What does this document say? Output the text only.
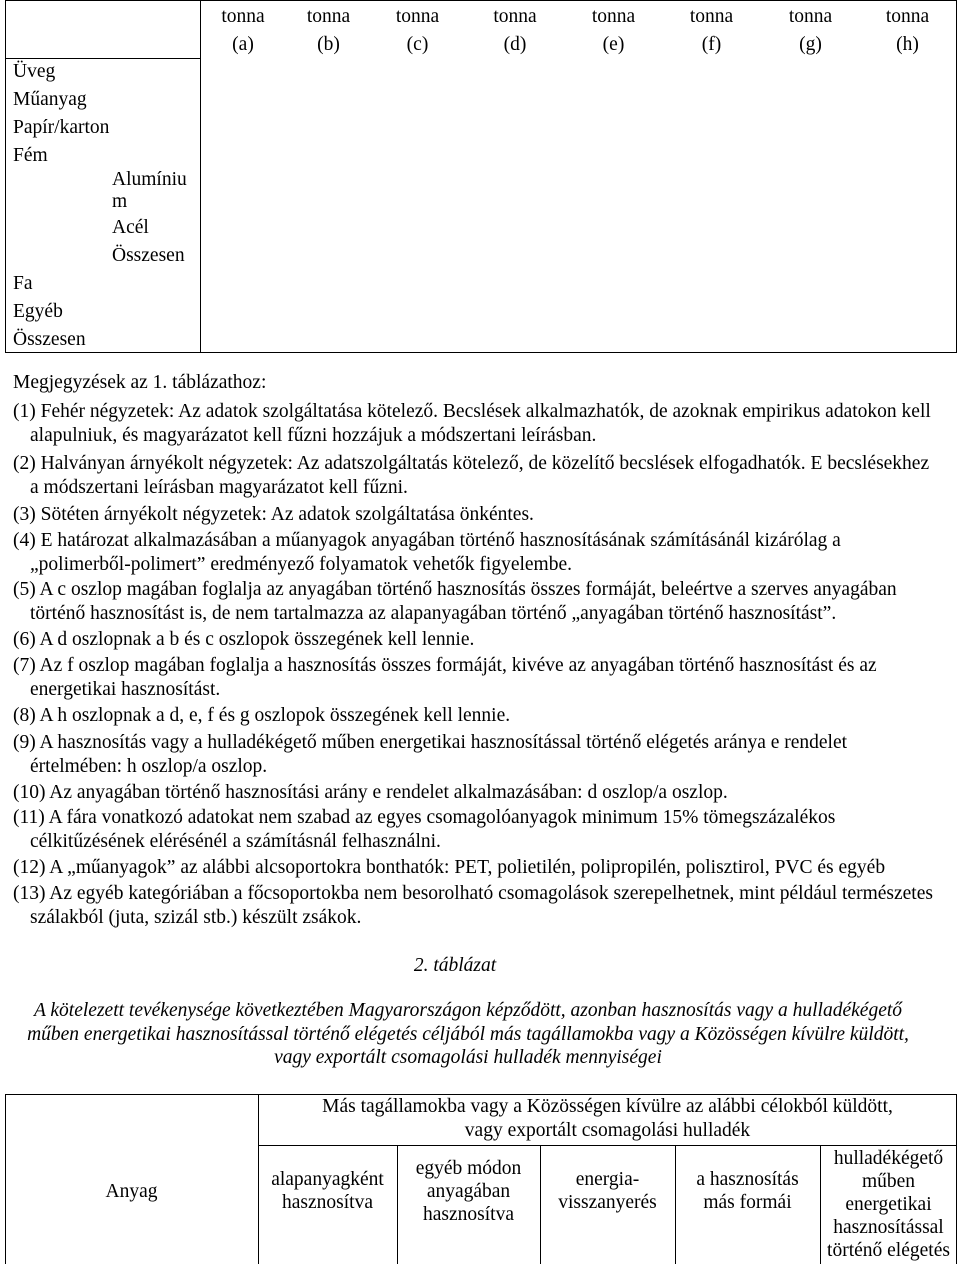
tonna
(a)
tonna
(b)
tonna
(c)
tonna
(d)
tonna
(e)
tonna
(f)
tonna
(g)
tonna
(h)
Üveg
Műanyag
Papír/karton
Fém
Alumíniu
m
Acél
Összesen
Fa
Egyéb
Összesen
Megjegyzések az 1. táblázathoz:
(1) Fehér négyzetek: Az adatok szolgáltatása kötelező. Becslések alkalmazhatók, de azoknak empirikus adatokon kell
alapulniuk, és magyarázatot kell fűzni hozzájuk a módszertani leírásban.
(2) Halványan árnyékolt négyzetek: Az adatszolgáltatás kötelező, de közelítő becslések elfogadhatók. E becslésekhez
a módszertani leírásban magyarázatot kell fűzni.
(3) Sötéten árnyékolt négyzetek: Az adatok szolgáltatása önkéntes.
(4) E határozat alkalmazásában a műanyagok anyagában történő hasznosításának számításánál kizárólag a
„polimerből-polimert” eredményező folyamatok vehetők figyelembe.
(5) A c oszlop magában foglalja az anyagában történő hasznosítás összes formáját, beleértve a szerves anyagában
történő hasznosítást is, de nem tartalmazza az alapanyagában történő „anyagában történő hasznosítást”.
(6) A d oszlopnak a b és c oszlopok összegének kell lennie.
(7) Az f oszlop magában foglalja a hasznosítás összes formáját, kivéve az anyagában történő hasznosítást és az
energetikai hasznosítást.
(8) A h oszlopnak a d, e, f és g oszlopok összegének kell lennie.
(9) A hasznosítás vagy a hulladékégető műben energetikai hasznosítással történő elégetés aránya e rendelet
értelmében: h oszlop/a oszlop.
(10) Az anyagában történő hasznosítási arány e rendelet alkalmazásában: d oszlop/a oszlop.
(11) A fára vonatkozó adatokat nem szabad az egyes csomagolóanyagok minimum 15% tömegszázalékos
célkitűzésének elérésénél a számításnál felhasználni.
(12) A „műanyagok” az alábbi alcsoportokra bonthatók: PET, polietilén, polipropilén, polisztirol, PVC és egyéb
(13) Az egyéb kategóriában a főcsoportokba nem besorolható csomagolások szerepelhetnek, mint például természetes
szálakból (juta, szizál stb.) készült zsákok.
2. táblázat
A kötelezett tevékenysége következtében Magyarországon képződött, azonban hasznosítás vagy a hulladékégető
műben energetikai hasznosítással történő elégetés céljából más tagállamokba vagy a Közösségen kívülre küldött,
vagy exportált csomagolási hulladék mennyiségei
Más tagállamokba vagy a Közösségen kívülre az alábbi célokból küldött,
vagy exportált csomagolási hulladék
Anyag
alapanyagként
hasznosítva
egyéb módon
anyagában
hasznosítva
energia-
visszanyerés
a hasznosítás
más formái
hulladékégető
műben
energetikai
hasznosítással
történő elégetés
